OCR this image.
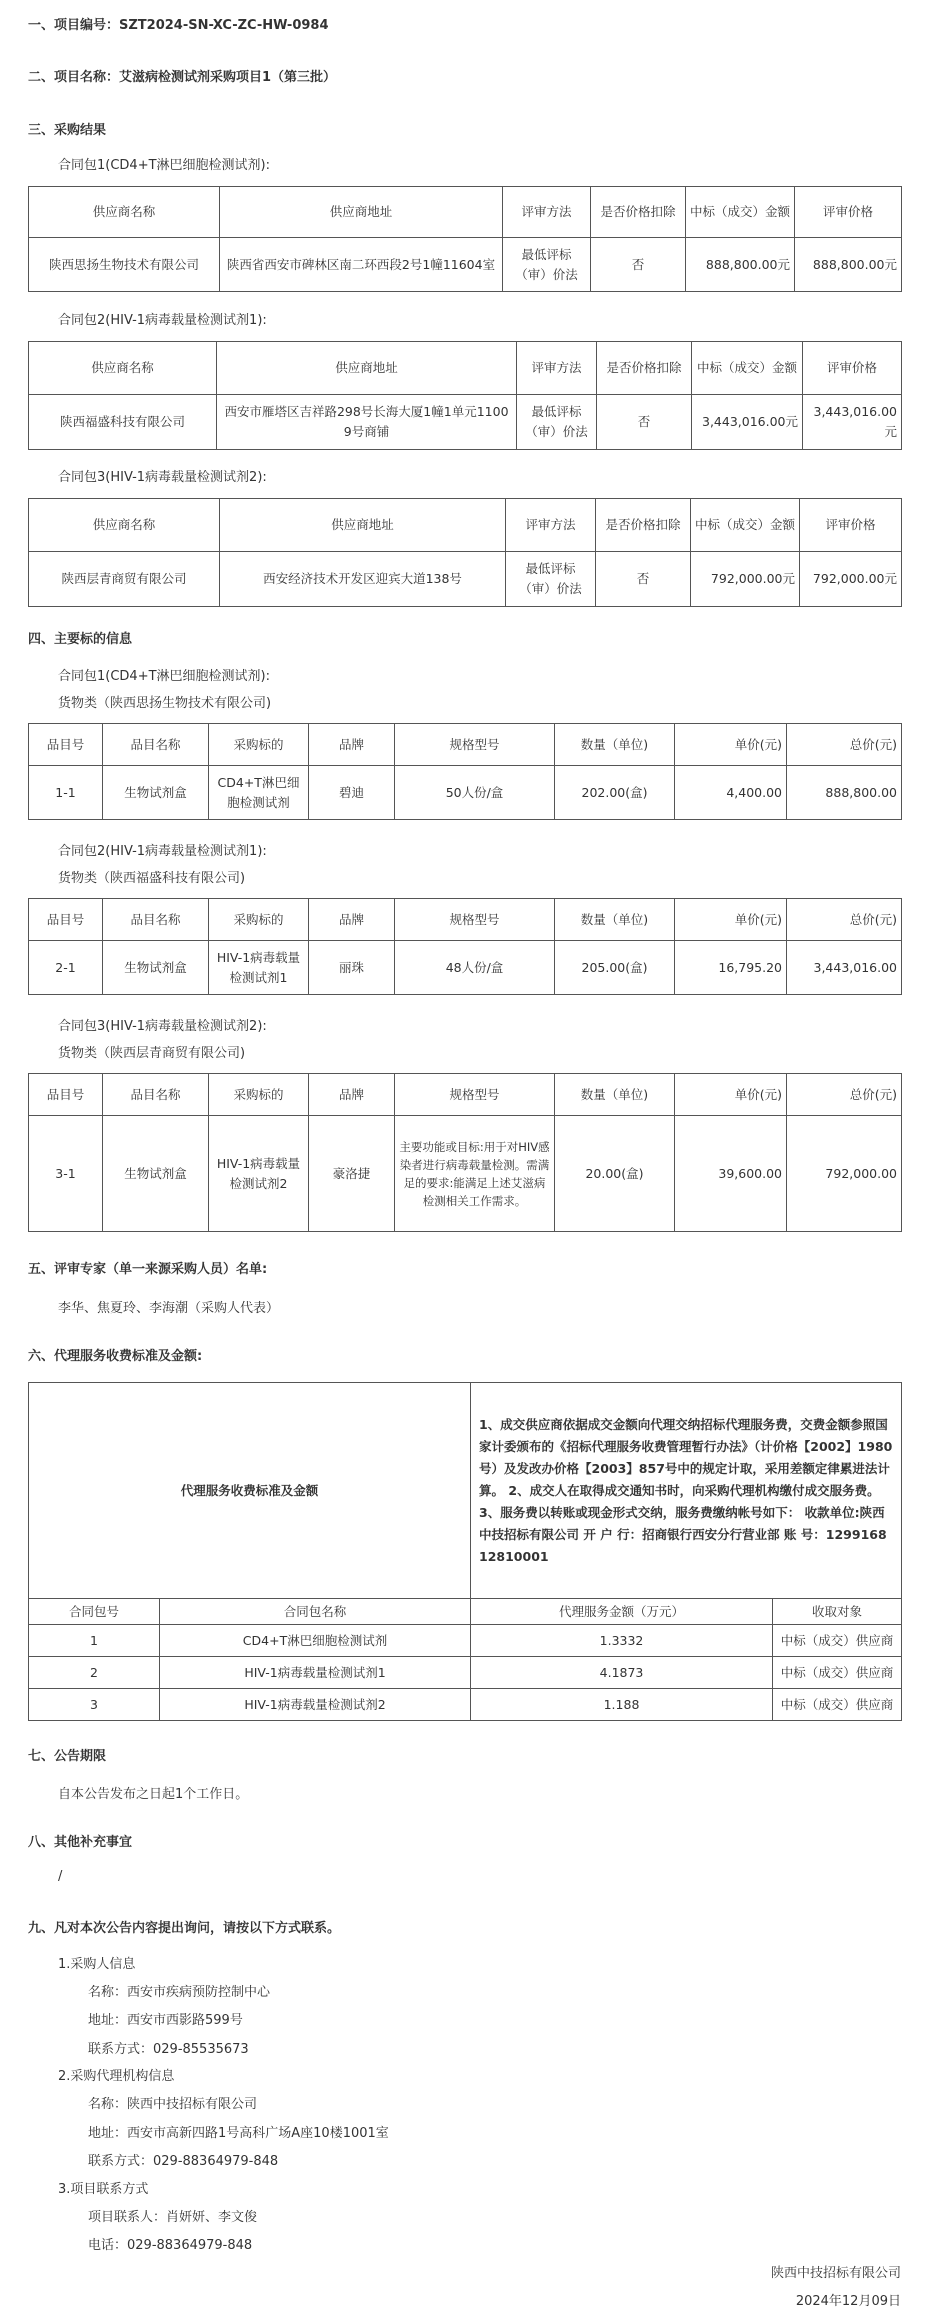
一、项目编号：SZT2024-SN-XC-ZC-HW-0984
二、项目名称：艾滋病检测试剂采购项目1（第三批）
三、采购结果
合同包1(CD4+T淋巴细胞检测试剂):
供应商名称	供应商地址	评审方法	是否价格扣除	中标（成交）金额	评审价格
陕西思扬生物技术有限公司	陕西省西安市碑林区南二环西段2号1幢11604室	最低评标（审）价法	否	888,800.00元	888,800.00元
合同包2(HIV-1病毒载量检测试剂1):
供应商名称	供应商地址	评审方法	是否价格扣除	中标（成交）金额	评审价格
陕西福盛科技有限公司	西安市雁塔区吉祥路298号长海大厦1幢1单元11009号商铺	最低评标（审）价法	否	3,443,016.00元	3,443,016.00元
合同包3(HIV-1病毒载量检测试剂2):
供应商名称	供应商地址	评审方法	是否价格扣除	中标（成交）金额	评审价格
陕西层青商贸有限公司	西安经济技术开发区迎宾大道138号	最低评标（审）价法	否	792,000.00元	792,000.00元
四、主要标的信息
合同包1(CD4+T淋巴细胞检测试剂):
货物类（陕西思扬生物技术有限公司)
品目号	品目名称	采购标的	品牌	规格型号	数量（单位)	单价(元)	总价(元)
1-1	生物试剂盒	CD4+T淋巴细胞检测试剂	碧迪	50人份/盒	202.00(盒)	4,400.00	888,800.00
合同包2(HIV-1病毒载量检测试剂1):
货物类（陕西福盛科技有限公司)
品目号	品目名称	采购标的	品牌	规格型号	数量（单位)	单价(元)	总价(元)
2-1	生物试剂盒	HIV-1病毒载量检测试剂1	丽珠	48人份/盒	205.00(盒)	16,795.20	3,443,016.00
合同包3(HIV-1病毒载量检测试剂2):
货物类（陕西层青商贸有限公司)
品目号	品目名称	采购标的	品牌	规格型号	数量（单位)	单价(元)	总价(元)
3-1	生物试剂盒	HIV-1病毒载量检测试剂2	豪洛捷	主要功能或目标:用于对HIV感染者进行病毒载量检测。需满足的要求:能满足上述艾滋病检测相关工作需求。	20.00(盒)	39,600.00	792,000.00
五、评审专家（单一来源采购人员）名单:
李华、焦夏玲、李海潮（采购人代表）
六、代理服务收费标准及金额:
代理服务收费标准及金额		1、成交供应商依据成交金额向代理交纳招标代理服务费，交费金额参照国家计委颁布的《招标代理服务收费管理暂行办法》（计价格【2002】1980号）及发改办价格【2003】857号中的规定计取，采用差额定律累进法计算。 2、成交人在取得成交通知书时，向采购代理机构缴付成交服务费。 3、服务费以转账或现金形式交纳，服务费缴纳帐号如下： 收款单位:陕西中技招标有限公司 开 户 行：招商银行西安分行营业部 账 号：129916812810001	
合同包号	合同包名称	代理服务金额（万元）	收取对象
1	CD4+T淋巴细胞检测试剂	1.3332	中标（成交）供应商
2	HIV-1病毒载量检测试剂1	4.1873	中标（成交）供应商
3	HIV-1病毒载量检测试剂2	1.188	中标（成交）供应商
七、公告期限
自本公告发布之日起1个工作日。
八、其他补充事宜
/
九、凡对本次公告内容提出询问，请按以下方式联系。
1.采购人信息
名称：西安市疾病预防控制中心
地址：西安市西影路599号
联系方式：029-85535673
2.采购代理机构信息
名称：陕西中技招标有限公司
地址：西安市高新四路1号高科广场A座10楼1001室
联系方式：029-88364979-848
3.项目联系方式
项目联系人：肖妍妍、李文俊
电话：029-88364979-848
陕西中技招标有限公司
2024年12月09日
